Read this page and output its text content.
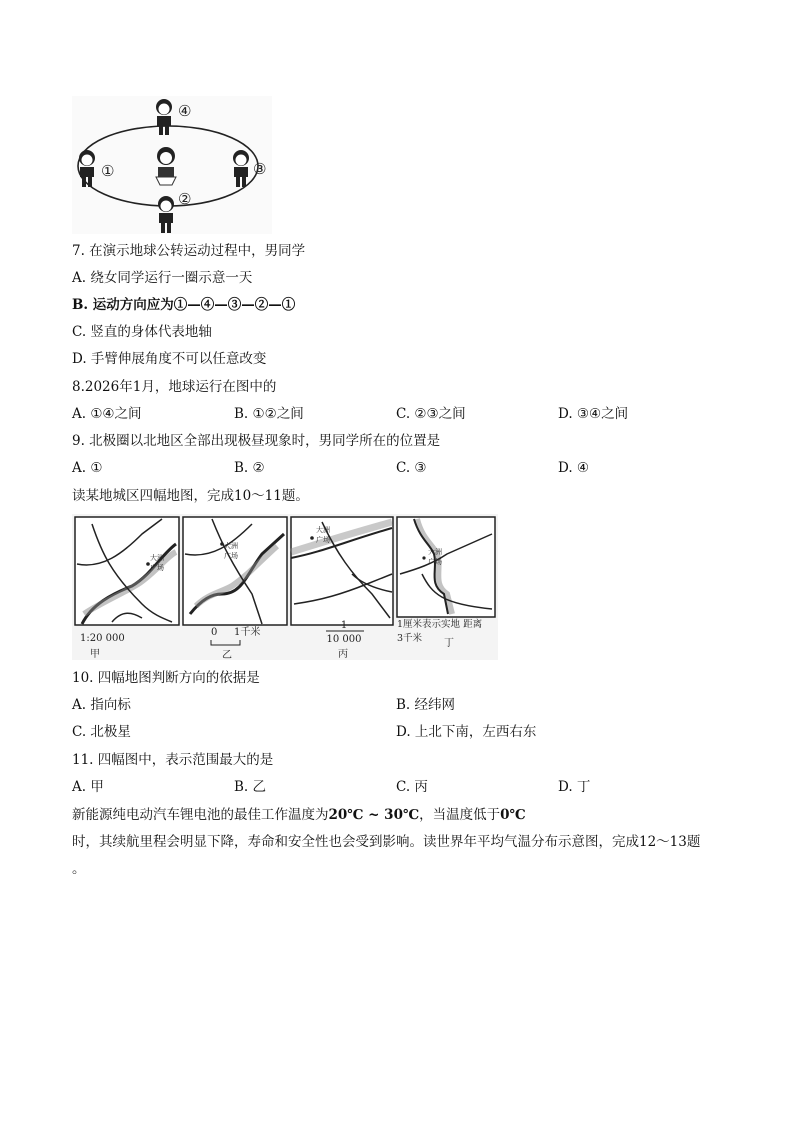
④
①	③
②
7. 在演示地球公转运动过程中，男同学
A. 绕女同学运行一圈示意一天
B. 运动方向应为①—④—③—②—①
C. 竖直的身体代表地轴
D. 手臂伸展角度不可以任意改变
8.2026年1月，地球运行在图中的
A. ①④之间	B. ①②之间	C. ②③之间	D. ③④之间
9. 北极圈以北地区全部出现极昼现象时，男同学所在的位置是
A. ①	B. ②	C. ③	D. ④
读某地城区四幅地图，完成10～11题。
大洲
广场
1:20 000
甲
大洲
广场
0 1千米
乙
大洲
广场
1
10 000
丙
大洲
广场
1厘米表示实地 距离
3千米 丁
10. 四幅地图判断方向的依据是
A. 指向标	B. 经纬网
C. 北极星	D. 上北下南，左西右东
11. 四幅图中，表示范围最大的是
A. 甲	B. 乙	C. 丙	D. 丁
新能源纯电动汽车锂电池的最佳工作温度为20℃ ~ 30℃，当温度低于0℃
时，其续航里程会明显下降，寿命和安全性也会受到影响。读世界年平均气温分布示意图，完成12～13题
。
